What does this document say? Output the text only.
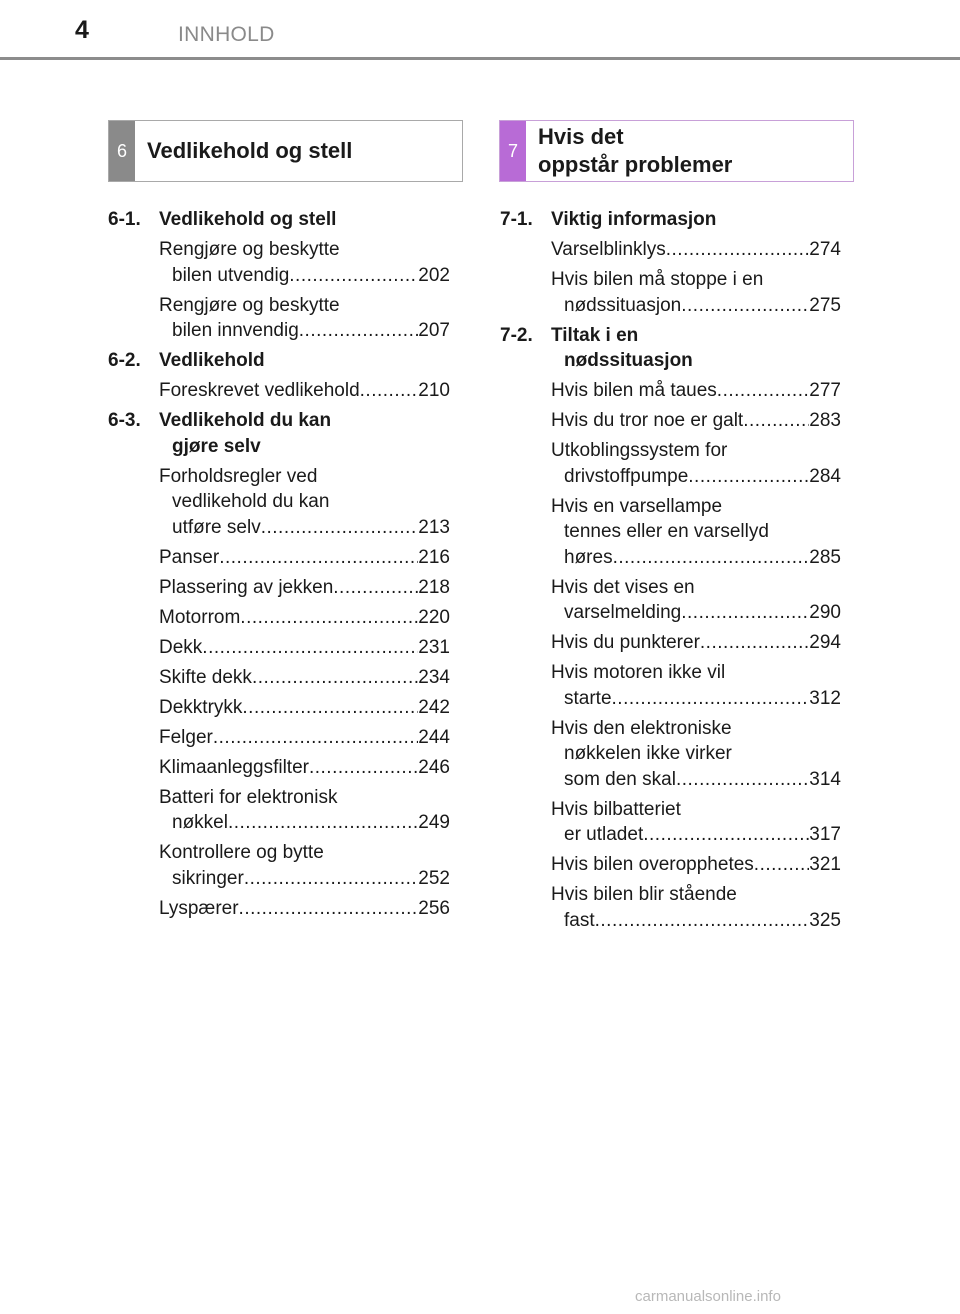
4	INNHOLD
6 Vedlikehold og stell	7
Hvis det
oppstår problemer
6-1. Vedlikehold og stell
Rengjøre og beskytte
bilen utvendig .....	202
Rengjøre og beskytte
bilen innvendig .....	207
6-2. Vedlikehold
Foreskrevet vedlikehold .....	210
6-3. Vedlikehold du kan
gjøre selv
Forholdsregler ved
vedlikehold du kan
utføre selv .....	213
Panser .....	216
Plassering av jekken .....	218
Motorrom .....	220
Dekk .....	231
Skifte dekk .....	234
Dekktrykk .....	242
Felger .....	244
Klimaanleggsfilter .....	246
Batteri for elektronisk
nøkkel .....	249
Kontrollere og bytte
sikringer .....	252
Lyspærer .....	256
7-1. Viktig informasjon
Varselblinklys .....	274
Hvis bilen må stoppe i en
nødssituasjon .....	275
7-2. Tiltak i en
nødssituasjon
Hvis bilen må taues .....	277
Hvis du tror noe er galt .....	283
Utkoblingssystem for
drivstoffpumpe .....	284
Hvis en varsellampe
tennes eller en varsellyd
høres .....	285
Hvis det vises en
varselmelding .....	290
Hvis du punkterer .....	294
Hvis motoren ikke vil
starte .....	312
Hvis den elektroniske
nøkkelen ikke virker
som den skal .....	314
Hvis bilbatteriet
er utladet .....	317
Hvis bilen overopphetes .....	321
Hvis bilen blir stående
fast .....	325
carmanualsonline.info
